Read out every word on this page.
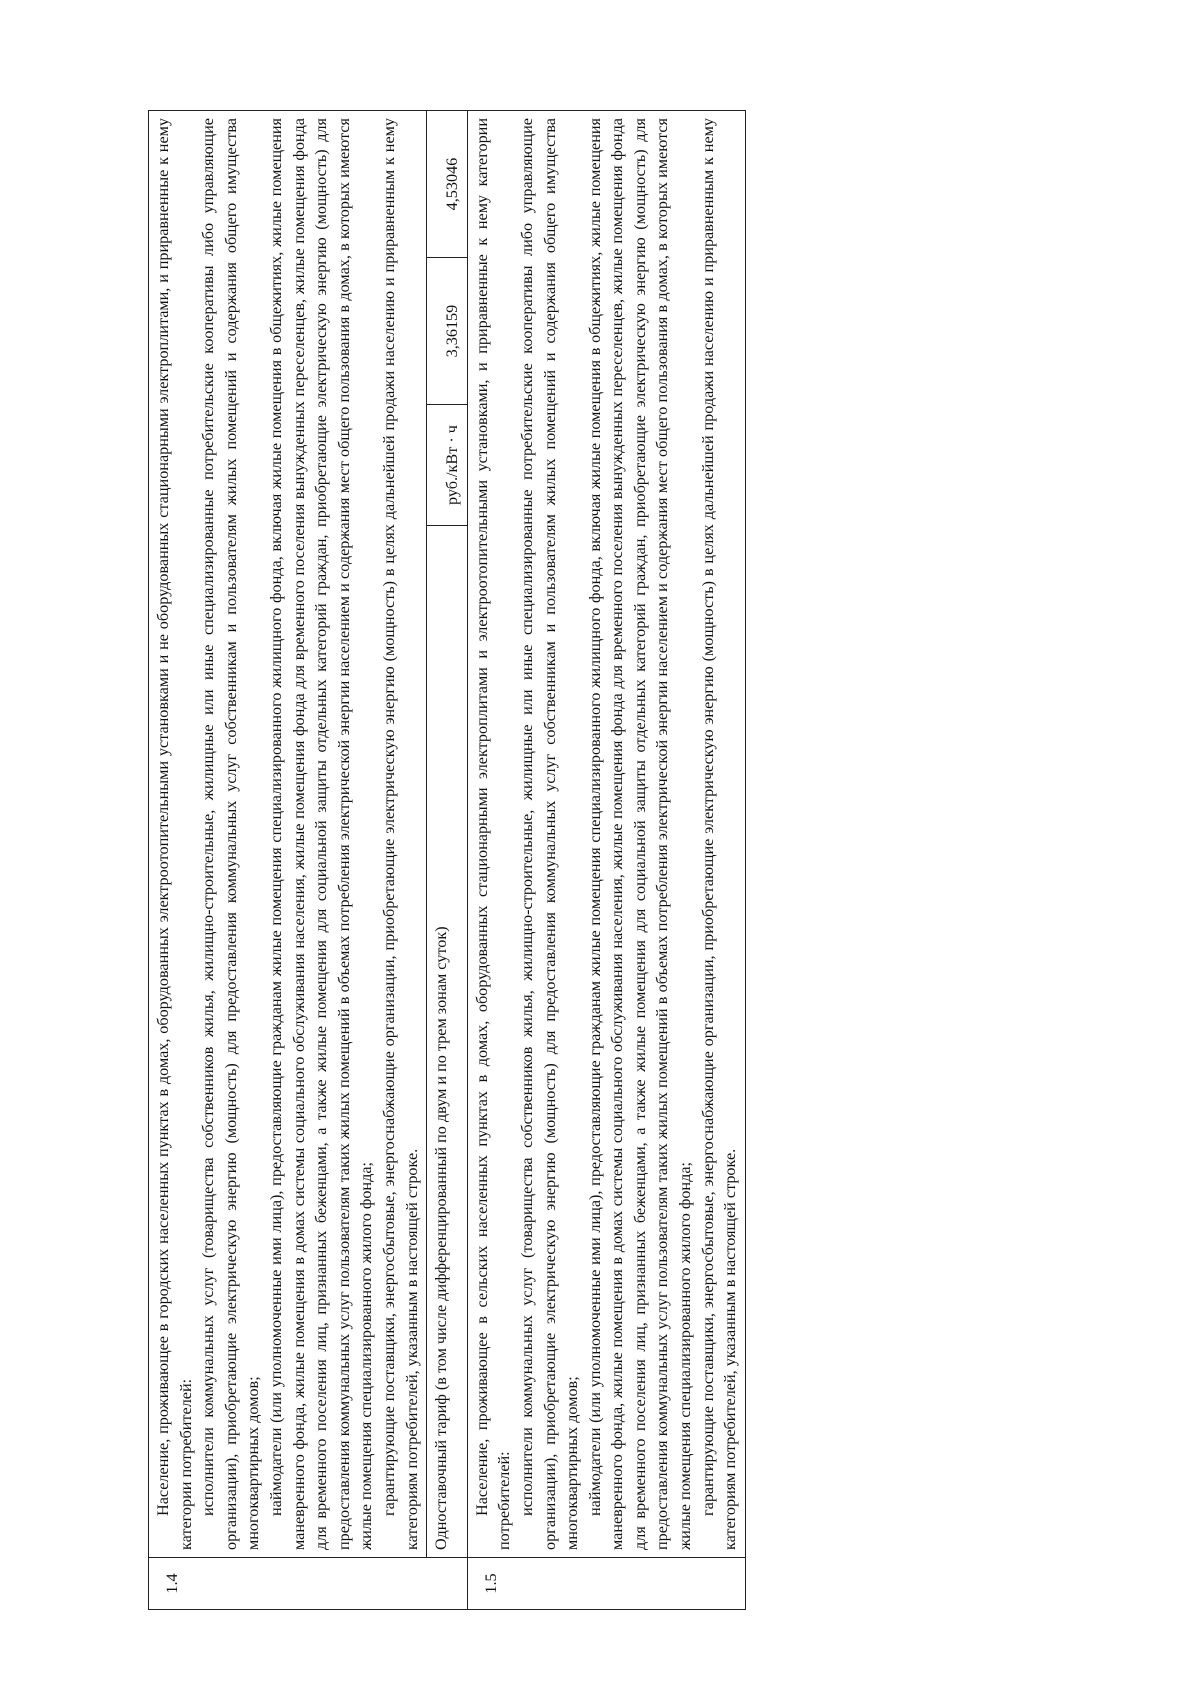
1.4	Население, проживающее в городских населенных пунктах в домах, оборудованных электроотопительными установками и не оборудованных стационарными электроплитами, и приравненные к нему категории потребителей: исполнители коммунальных услуг (товарищества собственников жилья, жилищно-строительные, жилищные или иные специализированные потребительские кооперативы либо управляющие организации), приобретающие электрическую энергию (мощность) для предоставления коммунальных услуг собственникам и пользователям жилых помещений и содержания общего имущества многоквартирных домов; наймодатели (или уполномоченные ими лица), предоставляющие гражданам жилые помещения специализированного жилищного фонда, включая жилые помещения в общежитиях, жилые помещения маневренного фонда, жилые помещения в домах системы социального обслуживания населения, жилые помещения фонда для временного поселения вынужденных переселенцев, жилые помещения фонда для временного поселения лиц, признанных беженцами, а также жилые помещения для социальной защиты отдельных категорий граждан, приобретающие электрическую энергию (мощность) для предоставления коммунальных услуг пользователям таких жилых помещений в объемах потребления электрической энергии населением и содержания мест общего пользования в домах, в которых имеются жилые помещения специализированного жилого фонда; гарантирующие поставщики, энергосбытовые, энергоснабжающие организации, приобретающие электрическую энергию (мощность) в целях дальнейшей продажи населению и приравненным к нему категориям потребителей, указанным в настоящей строке.			

	Одноставочный тариф (в том числе дифференцированный по двум и по трем зонам суток)	руб./кВт · ч	3,36159	4,53046
1.5	Население, проживающее в сельских населенных пунктах в домах, оборудованных стационарными электроплитами и электроотопительными установками, и приравненные к нему категории потребителей: исполнители коммунальных услуг (товарищества собственников жилья, жилищно-строительные, жилищные или иные специализированные потребительские кооперативы либо управляющие организации), приобретающие электрическую энергию (мощность) для предоставления коммунальных услуг собственникам и пользователям жилых помещений и содержания общего имущества многоквартирных домов; наймодатели (или уполномоченные ими лица), предоставляющие гражданам жилые помещения специализированного жилищного фонда, включая жилые помещения в общежитиях, жилые помещения маневренного фонда, жилые помещения в домах системы социального обслуживания населения, жилые помещения фонда для временного поселения вынужденных переселенцев, жилые помещения фонда для временного поселения лиц, признанных беженцами, а также жилые помещения для социальной защиты отдельных категорий граждан, приобретающие электрическую энергию (мощность) для предоставления коммунальных услуг пользователям таких жилых помещений в объемах потребления электрической энергии населением и содержания мест общего пользования в домах, в которых имеются жилые помещения специализированного жилого фонда; гарантирующие поставщики, энергосбытовые, энергоснабжающие организации, приобретающие электрическую энергию (мощность) в целях дальнейшей продажи населению и приравненным к нему категориям потребителей, указанным в настоящей строке.			
